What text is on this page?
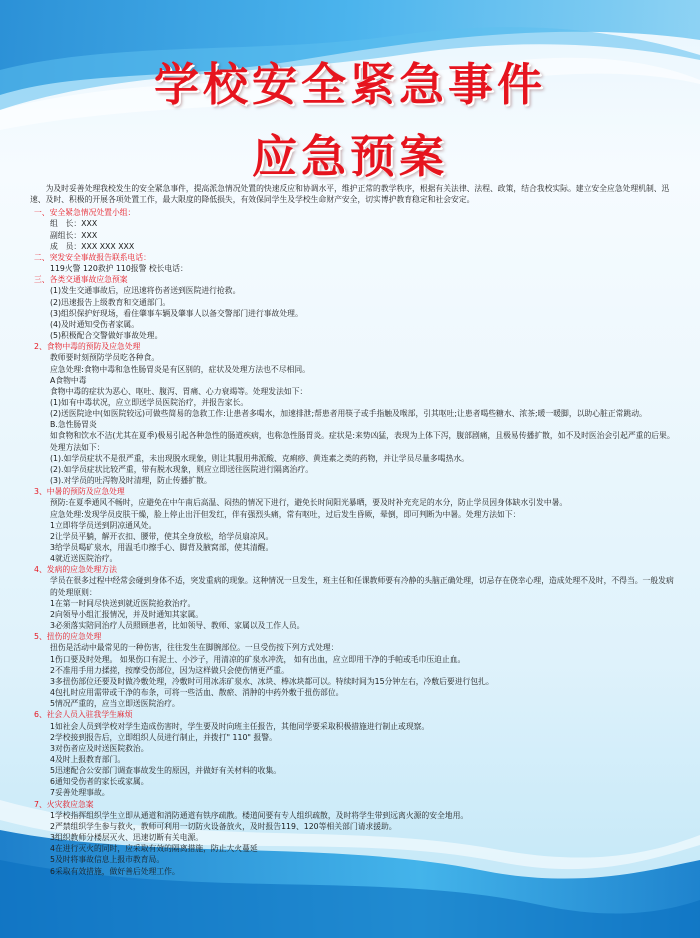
学校安全紧急事件
应急预案

为及时妥善处理我校发生的安全紧急事件，提高派急情况处置的快速反应和协调水平，维护正常的教学秩序，根据有关法律、法程、政策，结合我校实际。建立安全应急处理机制、迅速、及时、积极的开展各项处置工作，最大限度的降低损失，有效保同学生及学校生命财产安全，切实博护教育稳定和社会安定。

一、安全紧急情况处置小组：

组　长：XXX

副组长：XXX

成　员：XXX XXX XXX

二、突发安全事故报告联系电话：

119火警 120救护 110报警 校长电话：

三、各类交通事故应急预案

(1)发生交通事故后，应迅速将伤者送到医院进行抢救。

(2)迅速报告上级教育和交通部门。

(3)组织保护好现场，看住肇事车辆及肇事人以备交警部门进行事故处理。

(4)及时通知受伤者家属。

(5)积极配合交警做好事故处理。

2、食物中毒的预防及应急处理

教师要时刻预防学员吃各种食。

应急处理:食物中毒和急性肠胃炎是有区别的，症状及处理方法也不尽相同。

A食物中毒

食物中毒的症状为恶心、呕吐、腹泻、胃痛、心力衰竭等。处理发法如下：

(1)如有中毒状况，应立即送学员医院治疗，并报告家长。

(2)送医院途中(如医院较远)可做些简易的急救工作:让患者多喝水，加速排泄;帮患者用筷子或手指触及喉部，引其呕吐;让患者喝些糖水、浓茶;暖一暖脚，以助心脏正常跳动。

B.急性肠胃炎

如食物和饮水不洁(尤其在夏季)极易引起各种急性的肠道疾病，也称急性肠胃炎。症状是:来势凶猛，表现为上体下泻，腹部剧痛，且极易传播扩散，如不及时医治会引起严重的后果。处理方法如下：

(1).如学员症状不是很严重，未出现脱水现象，则让其服用弗派酸、克痢痧、黄连素之类的药物，并让学员尽量多喝热水。

(2).如学员症状比较严重，带有脱水现象，则应立即送往医院进行隔离治疗。

(3).对学员的吐泻物及时清理，防止传播扩散。

3、中暑的预防及应急处理

预防:在夏季通风不畅时，应避免在中午南后高温、闷热的情况下进行，避免长时间阳光暴晒，要及时补充充足的水分，防止学员因身体缺水引发中暑。

应急处理:发现学员皮肤干燥，脸上停止出汗但发红，伴有强烈头痛，常有呕吐，过后发生昏厥，晕倒，即可判断为中暑。处理方法如下：

1立即将学员送到阴凉通风处。

2让学员平躺，解开衣扣、腰带，使其全身放松，给学员扇凉风。

3给学员喝矿泉水，用温毛巾擦手心、脚背及腋窝部，使其清醒。

4就近送医院治疗。

4、发病的应急处理方法

学员在很多过程中经常会碰到身体不适，突发重病的现象。这种情况一旦发生，班主任和任课教师要有冷静的头脑正确处理，切忌存在侥幸心理，造成处理不及时，不得当。一般发病的处理原则：

1在第一时间尽快送到就近医院抢救治疗。

2向领导小组汇报情况，并及时通知其家属。

3必须落实陪同治疗人员照顾患者，比如领导、教师、家属以及工作人员。

5、扭伤的应急处理

扭伤是活动中最常见的一种伤害，往往发生在脚腕部位。一旦受伤按下列方式处理：

1伤口要及时处理。 如果伤口有泥土、小沙子，用清凉的矿泉水冲洗， 如有出血，应立即用干净的手帕或毛巾压迫止血。

2不准用手用力揉搓，按摩受伤部位，因为这样做只会使伤情更严重。

3多扭伤部位还要及时做冷敷处理，冷敷时可用冰冻矿泉水、冰块、棒冰块都可以。特续时间为15分钟左右，冷敷后要进行包扎。

4包扎时应用需带或干净的布条，可将一些活血、散瘀、消肿的中药外敷于扭伤部位。

5情况严重的，应当立即送医院治疗。

6、社会人员入驻我学生麻烦

1如社会人员到学校对学生造成伤害时，学生要及时向班主任报告，其他同学要采取积极措施进行制止或现察。

2学校接到报告后，立即组织人员进行制止，并拨打" 110" 报警。

3对伤者应及时送医院救治。

4及时上报教育部门。

5迅速配合公安部门调查事故发生的原因，并做好有关材料的收集。

6通知受伤者的家长或家属。

7妥善处理事故。

7、火灾救应急案

1学校指挥组织学生立即从通道和消防通道有铁序疏散。楼道间要有专人组织疏散，及时将学生带到远离火源的安全地用。

2严禁组织学生参与救火，教师可利用一切防火设备放火，及时报告119、120等相关部门请求援助。

3组织教师分楼层灭火、迅速切断有关电源。

4在进行灭火的同时，应采取有效的隔离措施，防止大火蔓延

5及时将事故信息上报市教育局。

6采取有效措施，做好善后处理工作。
